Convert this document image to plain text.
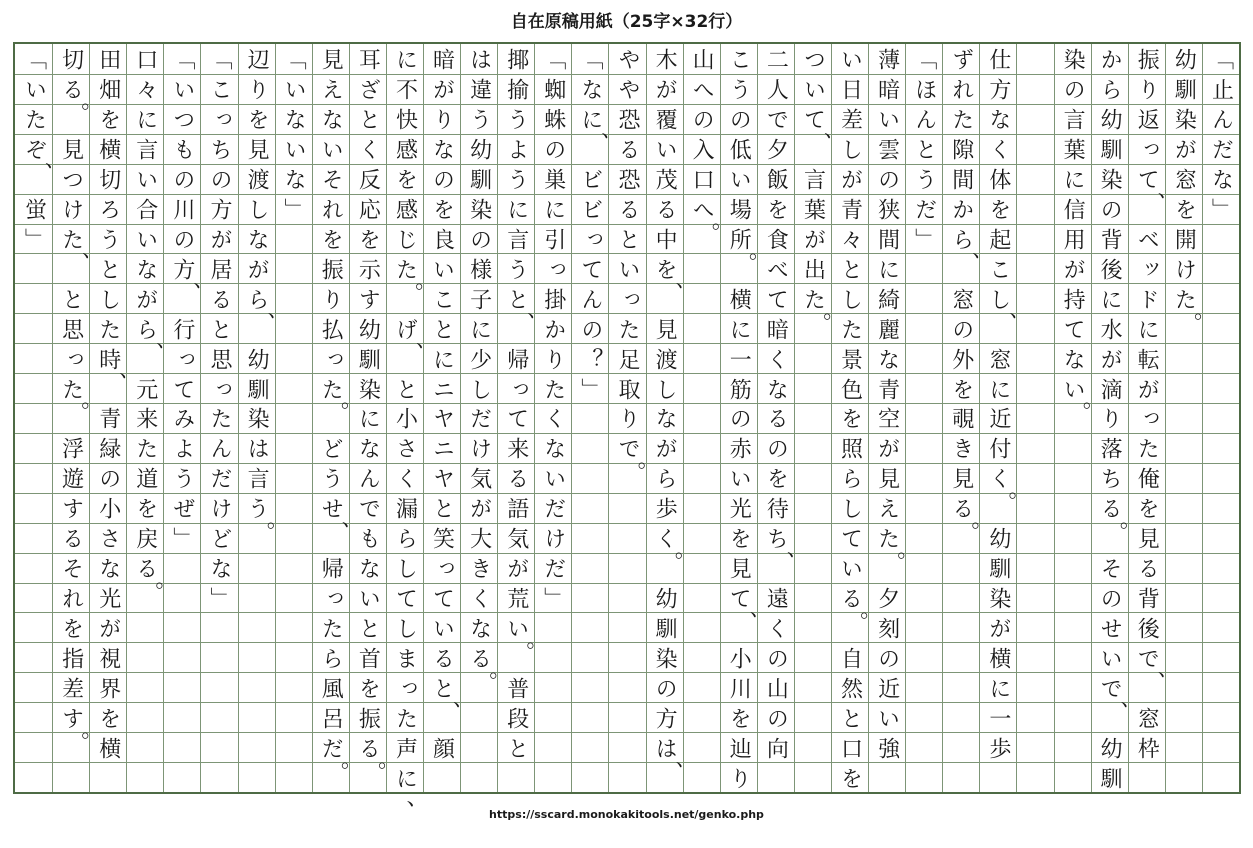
自在原稿用紙（25字×32行）
「
止
ん
だ
な
」
幼
馴
染
が
窓
を
開
け
た
。
振
り
返
っ
て
、
ベ
ッ
ド
に
転
が
っ
た
俺
を
見
る
背
後
で
、
窓
枠
か
ら
幼
馴
染
の
背
後
に
水
が
滴
り
落
ち
る
。
そ
の
せ
い
で
、
幼
馴
染
の
言
葉
に
信
用
が
持
て
な
い
。
仕
方
な
く
体
を
起
こ
し
、
窓
に
近
付
く
。
幼
馴
染
が
横
に
一
歩
ず
れ
た
隙
間
か
ら
、
窓
の
外
を
覗
き
見
る
。
「
ほ
ん
と
う
だ
」
薄
暗
い
雲
の
狭
間
に
綺
麗
な
青
空
が
見
え
た
。
夕
刻
の
近
い
強
い
日
差
し
が
青
々
と
し
た
景
色
を
照
ら
し
て
い
る
。
自
然
と
口
を
つ
い
て
、
言
葉
が
出
た
。
二
人
で
夕
飯
を
食
べ
て
暗
く
な
る
の
を
待
ち
、
遠
く
の
山
の
向
こ
う
の
低
い
場
所
。
横
に
一
筋
の
赤
い
光
を
見
て
、
小
川
を
辿
り
山
へ
の
入
口
へ
。
木
が
覆
い
茂
る
中
を
、
見
渡
し
な
が
ら
歩
く
。
幼
馴
染
の
方
は
、
や
や
恐
る
恐
る
と
い
っ
た
足
取
り
で
。
「
な
に
、
ビ
ビ
っ
て
ん
の
？
」
「
蜘
蛛
の
巣
に
引
っ
掛
か
り
た
く
な
い
だ
け
だ
」
揶
揄
う
よ
う
に
言
う
と
、
帰
っ
て
来
る
語
気
が
荒
い
。
普
段
と
は
違
う
幼
馴
染
の
様
子
に
少
し
だ
け
気
が
大
き
く
な
る
。
暗
が
り
な
の
を
良
い
こ
と
に
ニ
ヤ
ニ
ヤ
と
笑
っ
て
い
る
と
、
顔
に
不
快
感
を
感
じ
た
。
げ
、
と
小
さ
く
漏
ら
し
て
し
ま
っ
た
声
に
、
耳
ざ
と
く
反
応
を
示
す
幼
馴
染
に
な
ん
で
も
な
い
と
首
を
振
る
。
見
え
な
い
そ
れ
を
振
り
払
っ
た
。
ど
う
せ
、
帰
っ
た
ら
風
呂
だ
。
「
い
な
い
な
」
辺
り
を
見
渡
し
な
が
ら
、
幼
馴
染
は
言
う
。
「
こ
っ
ち
の
方
が
居
る
と
思
っ
た
ん
だ
け
ど
な
」
「
い
つ
も
の
川
の
方
、
行
っ
て
み
よ
う
ぜ
」
口
々
に
言
い
合
い
な
が
ら
、
元
来
た
道
を
戻
る
。
田
畑
を
横
切
ろ
う
と
し
た
時
、
青
緑
の
小
さ
な
光
が
視
界
を
横
切
る
。
見
つ
け
た
、
と
思
っ
た
。
浮
遊
す
る
そ
れ
を
指
差
す
。
「
い
た
ぞ
、
蛍
」
https://sscard.monokakitools.net/genko.php
